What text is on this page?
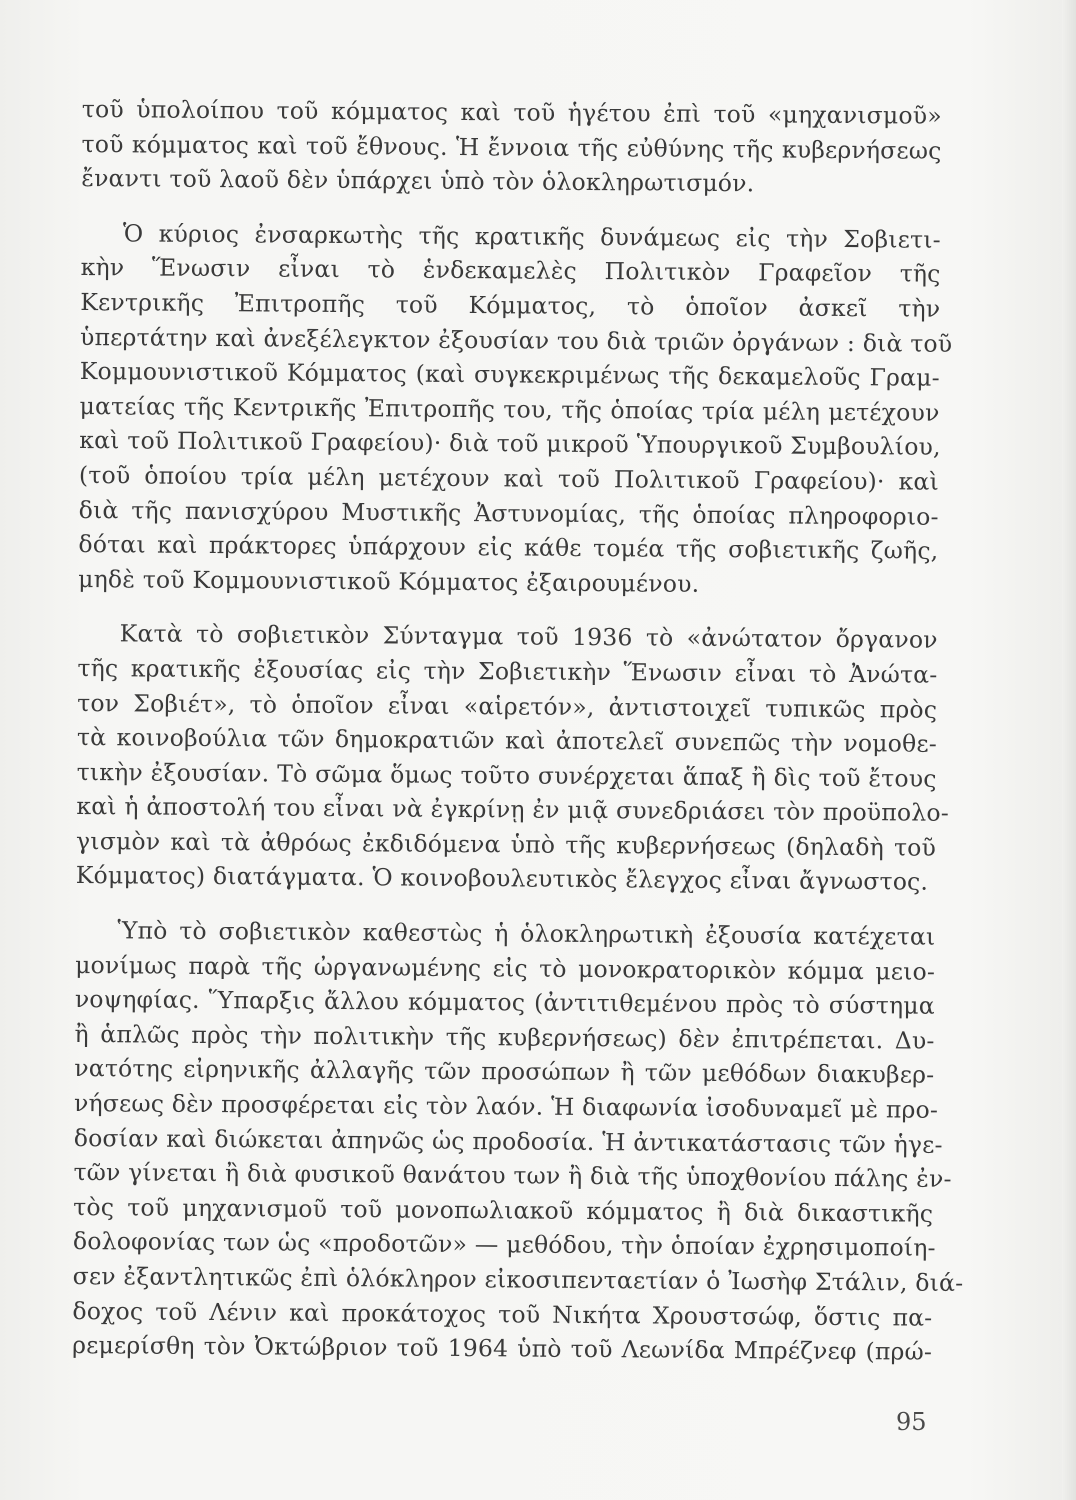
τοῦ ὑπολοίπου τοῦ κόμματος καὶ τοῦ ἡγέτου ἐπὶ τοῦ «μηχανισμοῦ»
τοῦ κόμματος καὶ τοῦ ἔθνους. Ἡ ἔννοια τῆς εὐθύνης τῆς κυβερνήσεως
ἔναντι τοῦ λαοῦ δὲν ὑπάρχει ὑπὸ τὸν ὁλοκληρωτισμόν.
Ὁ κύριος ἐνσαρκωτὴς τῆς κρατικῆς δυνάμεως εἰς τὴν Σοβιετι-
κὴν Ἕνωσιν εἶναι τὸ ἑνδεκαμελὲς Πολιτικὸν Γραφεῖον τῆς
Κεντρικῆς Ἐπιτροπῆς τοῦ Κόμματος, τὸ ὁποῖον ἀσκεῖ τὴν
ὑπερτάτην καὶ ἀνεξέλεγκτον ἐξουσίαν του διὰ τριῶν ὀργάνων : διὰ τοῦ
Κομμουνιστικοῦ Κόμματος (καὶ συγκεκριμένως τῆς δεκαμελοῦς Γραμ-
ματείας τῆς Κεντρικῆς Ἐπιτροπῆς του, τῆς ὁποίας τρία μέλη μετέχουν
καὶ τοῦ Πολιτικοῦ Γραφείου)· διὰ τοῦ μικροῦ Ὑπουργικοῦ Συμβουλίου,
(τοῦ ὁποίου τρία μέλη μετέχουν καὶ τοῦ Πολιτικοῦ Γραφείου)· καὶ
διὰ τῆς πανισχύρου Μυστικῆς Ἀστυνομίας, τῆς ὁποίας πληροφοριο-
δόται καὶ πράκτορες ὑπάρχουν εἰς κάθε τομέα τῆς σοβιετικῆς ζωῆς,
μηδὲ τοῦ Κομμουνιστικοῦ Κόμματος ἐξαιρουμένου.
Κατὰ τὸ σοβιετικὸν Σύνταγμα τοῦ 1936 τὸ «ἀνώτατον ὄργανον
τῆς κρατικῆς ἐξουσίας εἰς τὴν Σοβιετικὴν Ἕνωσιν εἶναι τὸ Ἀνώτα-
τον Σοβιέτ», τὸ ὁποῖον εἶναι «αἱρετόν», ἀντιστοιχεῖ τυπικῶς πρὸς
τὰ κοινοβούλια τῶν δημοκρατιῶν καὶ ἀποτελεῖ συνεπῶς τὴν νομοθε-
τικὴν ἐξουσίαν. Τὸ σῶμα ὅμως τοῦτο συνέρχεται ἅπαξ ἢ δὶς τοῦ ἔτους
καὶ ἡ ἀποστολή του εἶναι νὰ ἐγκρίνῃ ἐν μιᾷ συνεδριάσει τὸν προϋπολο-
γισμὸν καὶ τὰ ἀθρόως ἐκδιδόμενα ὑπὸ τῆς κυβερνήσεως (δηλαδὴ τοῦ
Κόμματος) διατάγματα. Ὁ κοινοβουλευτικὸς ἔλεγχος εἶναι ἄγνωστος.
Ὑπὸ τὸ σοβιετικὸν καθεστὼς ἡ ὁλοκληρωτικὴ ἐξουσία κατέχεται
μονίμως παρὰ τῆς ὠργανωμένης εἰς τὸ μονοκρατορικὸν κόμμα μειο-
νοψηφίας. Ὕπαρξις ἄλλου κόμματος (ἀντιτιθεμένου πρὸς τὸ σύστημα
ἢ ἁπλῶς πρὸς τὴν πολιτικὴν τῆς κυβερνήσεως) δὲν ἐπιτρέπεται. Δυ-
νατότης εἰρηνικῆς ἀλλαγῆς τῶν προσώπων ἢ τῶν μεθόδων διακυβερ-
νήσεως δὲν προσφέρεται εἰς τὸν λαόν. Ἡ διαφωνία ἰσοδυναμεῖ μὲ προ-
δοσίαν καὶ διώκεται ἀπηνῶς ὡς προδοσία. Ἡ ἀντικατάστασις τῶν ἡγε-
τῶν γίνεται ἢ διὰ φυσικοῦ θανάτου των ἢ διὰ τῆς ὑποχθονίου πάλης ἐν-
τὸς τοῦ μηχανισμοῦ τοῦ μονοπωλιακοῦ κόμματος ἢ διὰ δικαστικῆς
δολοφονίας των ὡς «προδοτῶν» — μεθόδου, τὴν ὁποίαν ἐχρησιμοποίη-
σεν ἐξαντλητικῶς ἐπὶ ὁλόκληρον εἰκοσιπενταετίαν ὁ Ἰωσὴφ Στάλιν, διά-
δοχος τοῦ Λένιν καὶ προκάτοχος τοῦ Νικήτα Χρουστσώφ, ὅστις πα-
ρεμερίσθη τὸν Ὀκτώβριον τοῦ 1964 ὑπὸ τοῦ Λεωνίδα Μπρέζνεφ (πρώ-
95
